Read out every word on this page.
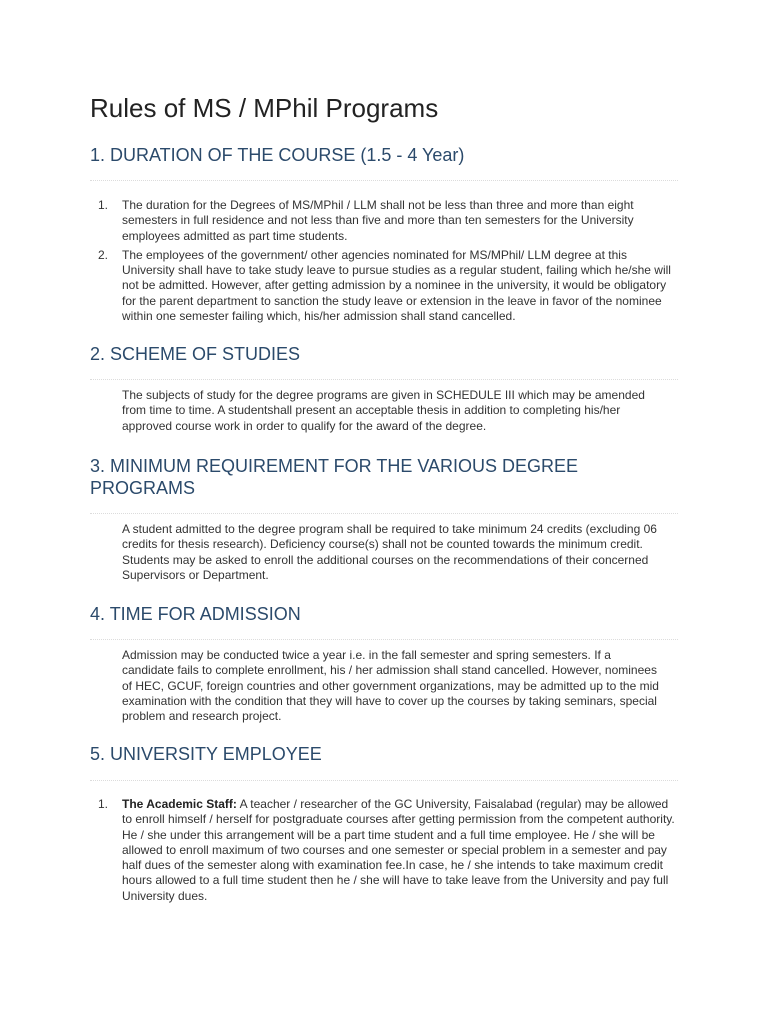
Rules of MS / MPhil Programs
1. DURATION OF THE COURSE (1.5 - 4 Year)
1. The duration for the Degrees of MS/MPhil / LLM shall not be less than three and more than eight semesters in full residence and not less than five and more than ten semesters for the University employees admitted as part time students.
2. The employees of the government/ other agencies nominated for MS/MPhil/ LLM degree at this University shall have to take study leave to pursue studies as a regular student, failing which he/she will not be admitted. However, after getting admission by a nominee in the university, it would be obligatory for the parent department to sanction the study leave or extension in the leave in favor of the nominee within one semester failing which, his/her admission shall stand cancelled.
2. SCHEME OF STUDIES

The subjects of study for the degree programs are given in SCHEDULE III which may be amended from time to time. A studentshall present an acceptable thesis in addition to completing his/her approved course work in order to qualify for the award of the degree.

3. MINIMUM REQUIREMENT FOR THE VARIOUS DEGREE
PROGRAMS

A student admitted to the degree program shall be required to take minimum 24 credits (excluding 06 credits for thesis research). Deficiency course(s) shall not be counted towards the minimum credit. Students may be asked to enroll the additional courses on the recommendations of their concerned Supervisors or Department.

4. TIME FOR ADMISSION

Admission may be conducted twice a year i.e. in the fall semester and spring semesters. If a candidate fails to complete enrollment, his / her admission shall stand cancelled. However, nominees of HEC, GCUF, foreign countries and other government organizations, may be admitted up to the mid examination with the condition that they will have to cover up the courses by taking seminars, special problem and research project.

5. UNIVERSITY EMPLOYEE
1. The Academic Staff: A teacher / researcher of the GC University, Faisalabad (regular) may be allowed to enroll himself / herself for postgraduate courses after getting permission from the competent authority. He / she under this arrangement will be a part time student and a full time employee. He / she will be allowed to enroll maximum of two courses and one semester or special problem in a semester and pay half dues of the semester along with examination fee.In case, he / she intends to take maximum credit hours allowed to a full time student then he / she will have to take leave from the University and pay full University dues.
